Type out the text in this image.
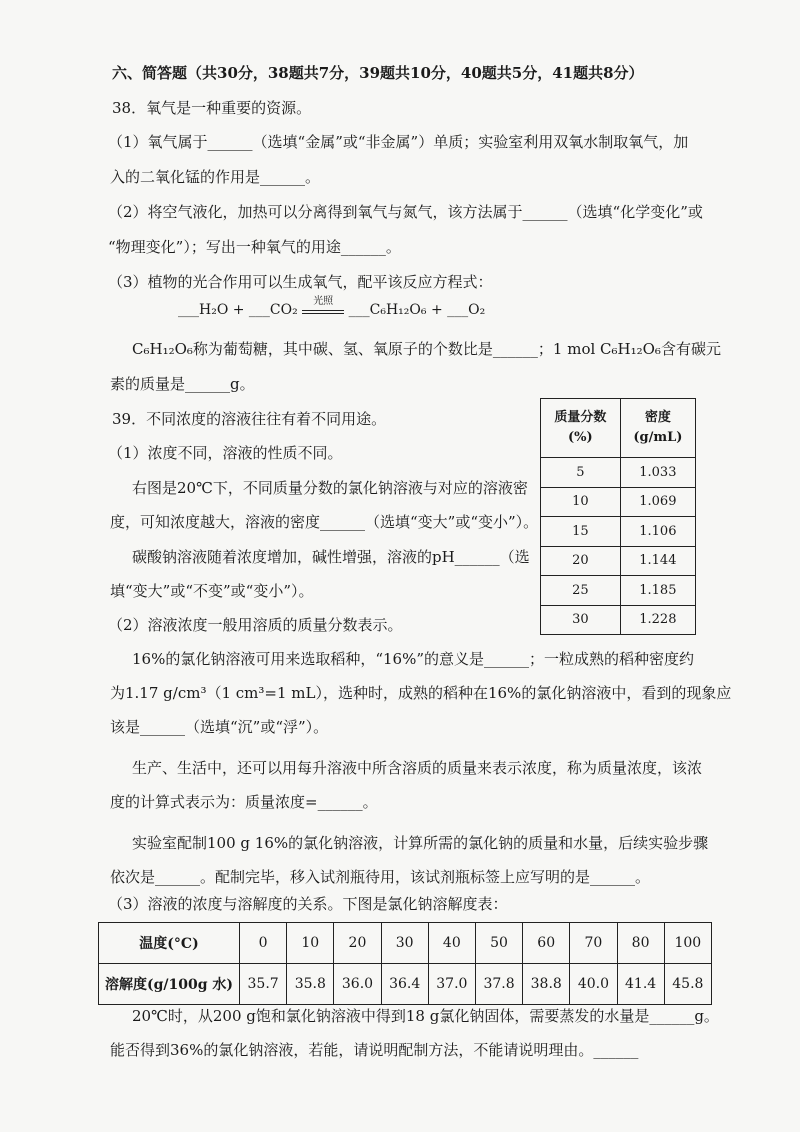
六、简答题（共30分，38题共7分，39题共10分，40题共5分，41题共8分）
38．氧气是一种重要的资源。
（1）氧气属于______（选填“金属”或“非金属”）单质；实验室利用双氧水制取氧气，加
入的二氧化锰的作用是______。
（2）将空气液化，加热可以分离得到氧气与氮气，该方法属于______（选填“化学变化”或
“物理变化”）；写出一种氧气的用途______。
（3）植物的光合作用可以生成氧气，配平该反应方程式：
___H₂O + ___CO₂
光照
___C₆H₁₂O₆ + ___O₂
C₆H₁₂O₆称为葡萄糖，其中碳、氢、氧原子的个数比是______；1 mol C₆H₁₂O₆含有碳元
素的质量是______g。
39．不同浓度的溶液往往有着不同用途。
（1）浓度不同，溶液的性质不同。
右图是20℃下，不同质量分数的氯化钠溶液与对应的溶液密
度，可知浓度越大，溶液的密度______（选填“变大”或“变小”）。
碳酸钠溶液随着浓度增加，碱性增强，溶液的pH______（选
填“变大”或“不变”或“变小”）。
（2）溶液浓度一般用溶质的质量分数表示。
质量分数
(%)	密度
(g/mL)
5	1.033
10	1.069
15	1.106
20	1.144
25	1.185
30	1.228
16%的氯化钠溶液可用来选取稻种，“16%”的意义是______；一粒成熟的稻种密度约
为1.17 g/cm³（1 cm³=1 mL），选种时，成熟的稻种在16%的氯化钠溶液中，看到的现象应
该是______（选填“沉”或“浮”）。
生产、生活中，还可以用每升溶液中所含溶质的质量来表示浓度，称为质量浓度，该浓
度的计算式表示为：质量浓度=______。
实验室配制100 g 16%的氯化钠溶液，计算所需的氯化钠的质量和水量，后续实验步骤
依次是______。配制完毕，移入试剂瓶待用，该试剂瓶标签上应写明的是______。
（3）溶液的浓度与溶解度的关系。下图是氯化钠溶解度表：
温度(°C)	0	10	20	30	40	50	60	70	80	100
溶解度(g/100g 水)	35.7	35.8	36.0	36.4	37.0	37.8	38.8	40.0	41.4	45.8
20℃时，从200 g饱和氯化钠溶液中得到18 g氯化钠固体，需要蒸发的水量是______g。
能否得到36%的氯化钠溶液，若能，请说明配制方法，不能请说明理由。______
